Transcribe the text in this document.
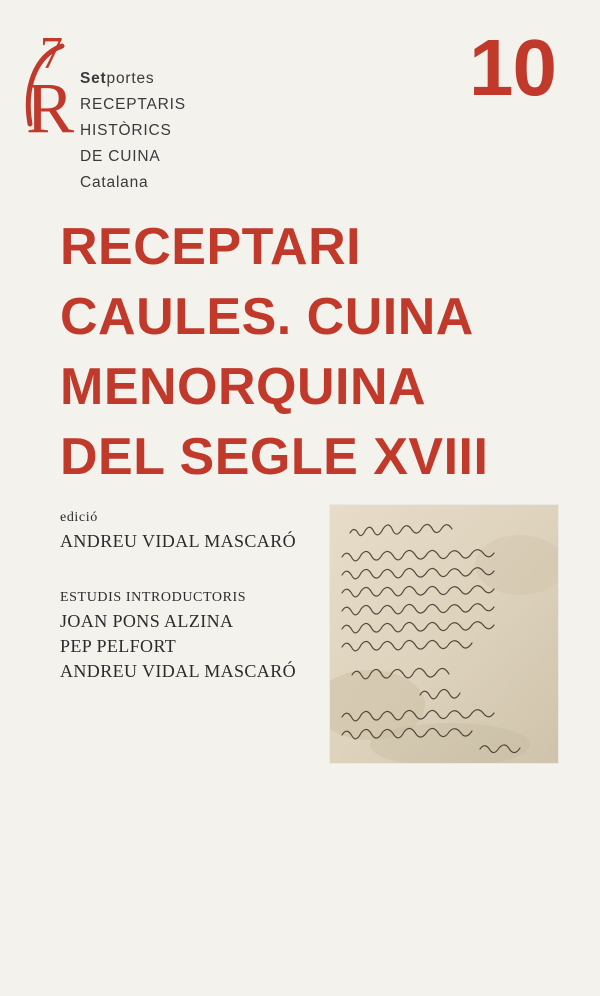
7
R Setportes
RECEPTARIS
HISTÒRICS
DE CUINA
Catalana
10
RECEPTARI
CAULES. CUINA
MENORQUINA
DEL SEGLE XVIII
edició
ANDREU VIDAL MASCARÓ
ESTUDIS INTRODUCTORIS
JOAN PONS ALZINA
PEP PELFORT
ANDREU VIDAL MASCARÓ
